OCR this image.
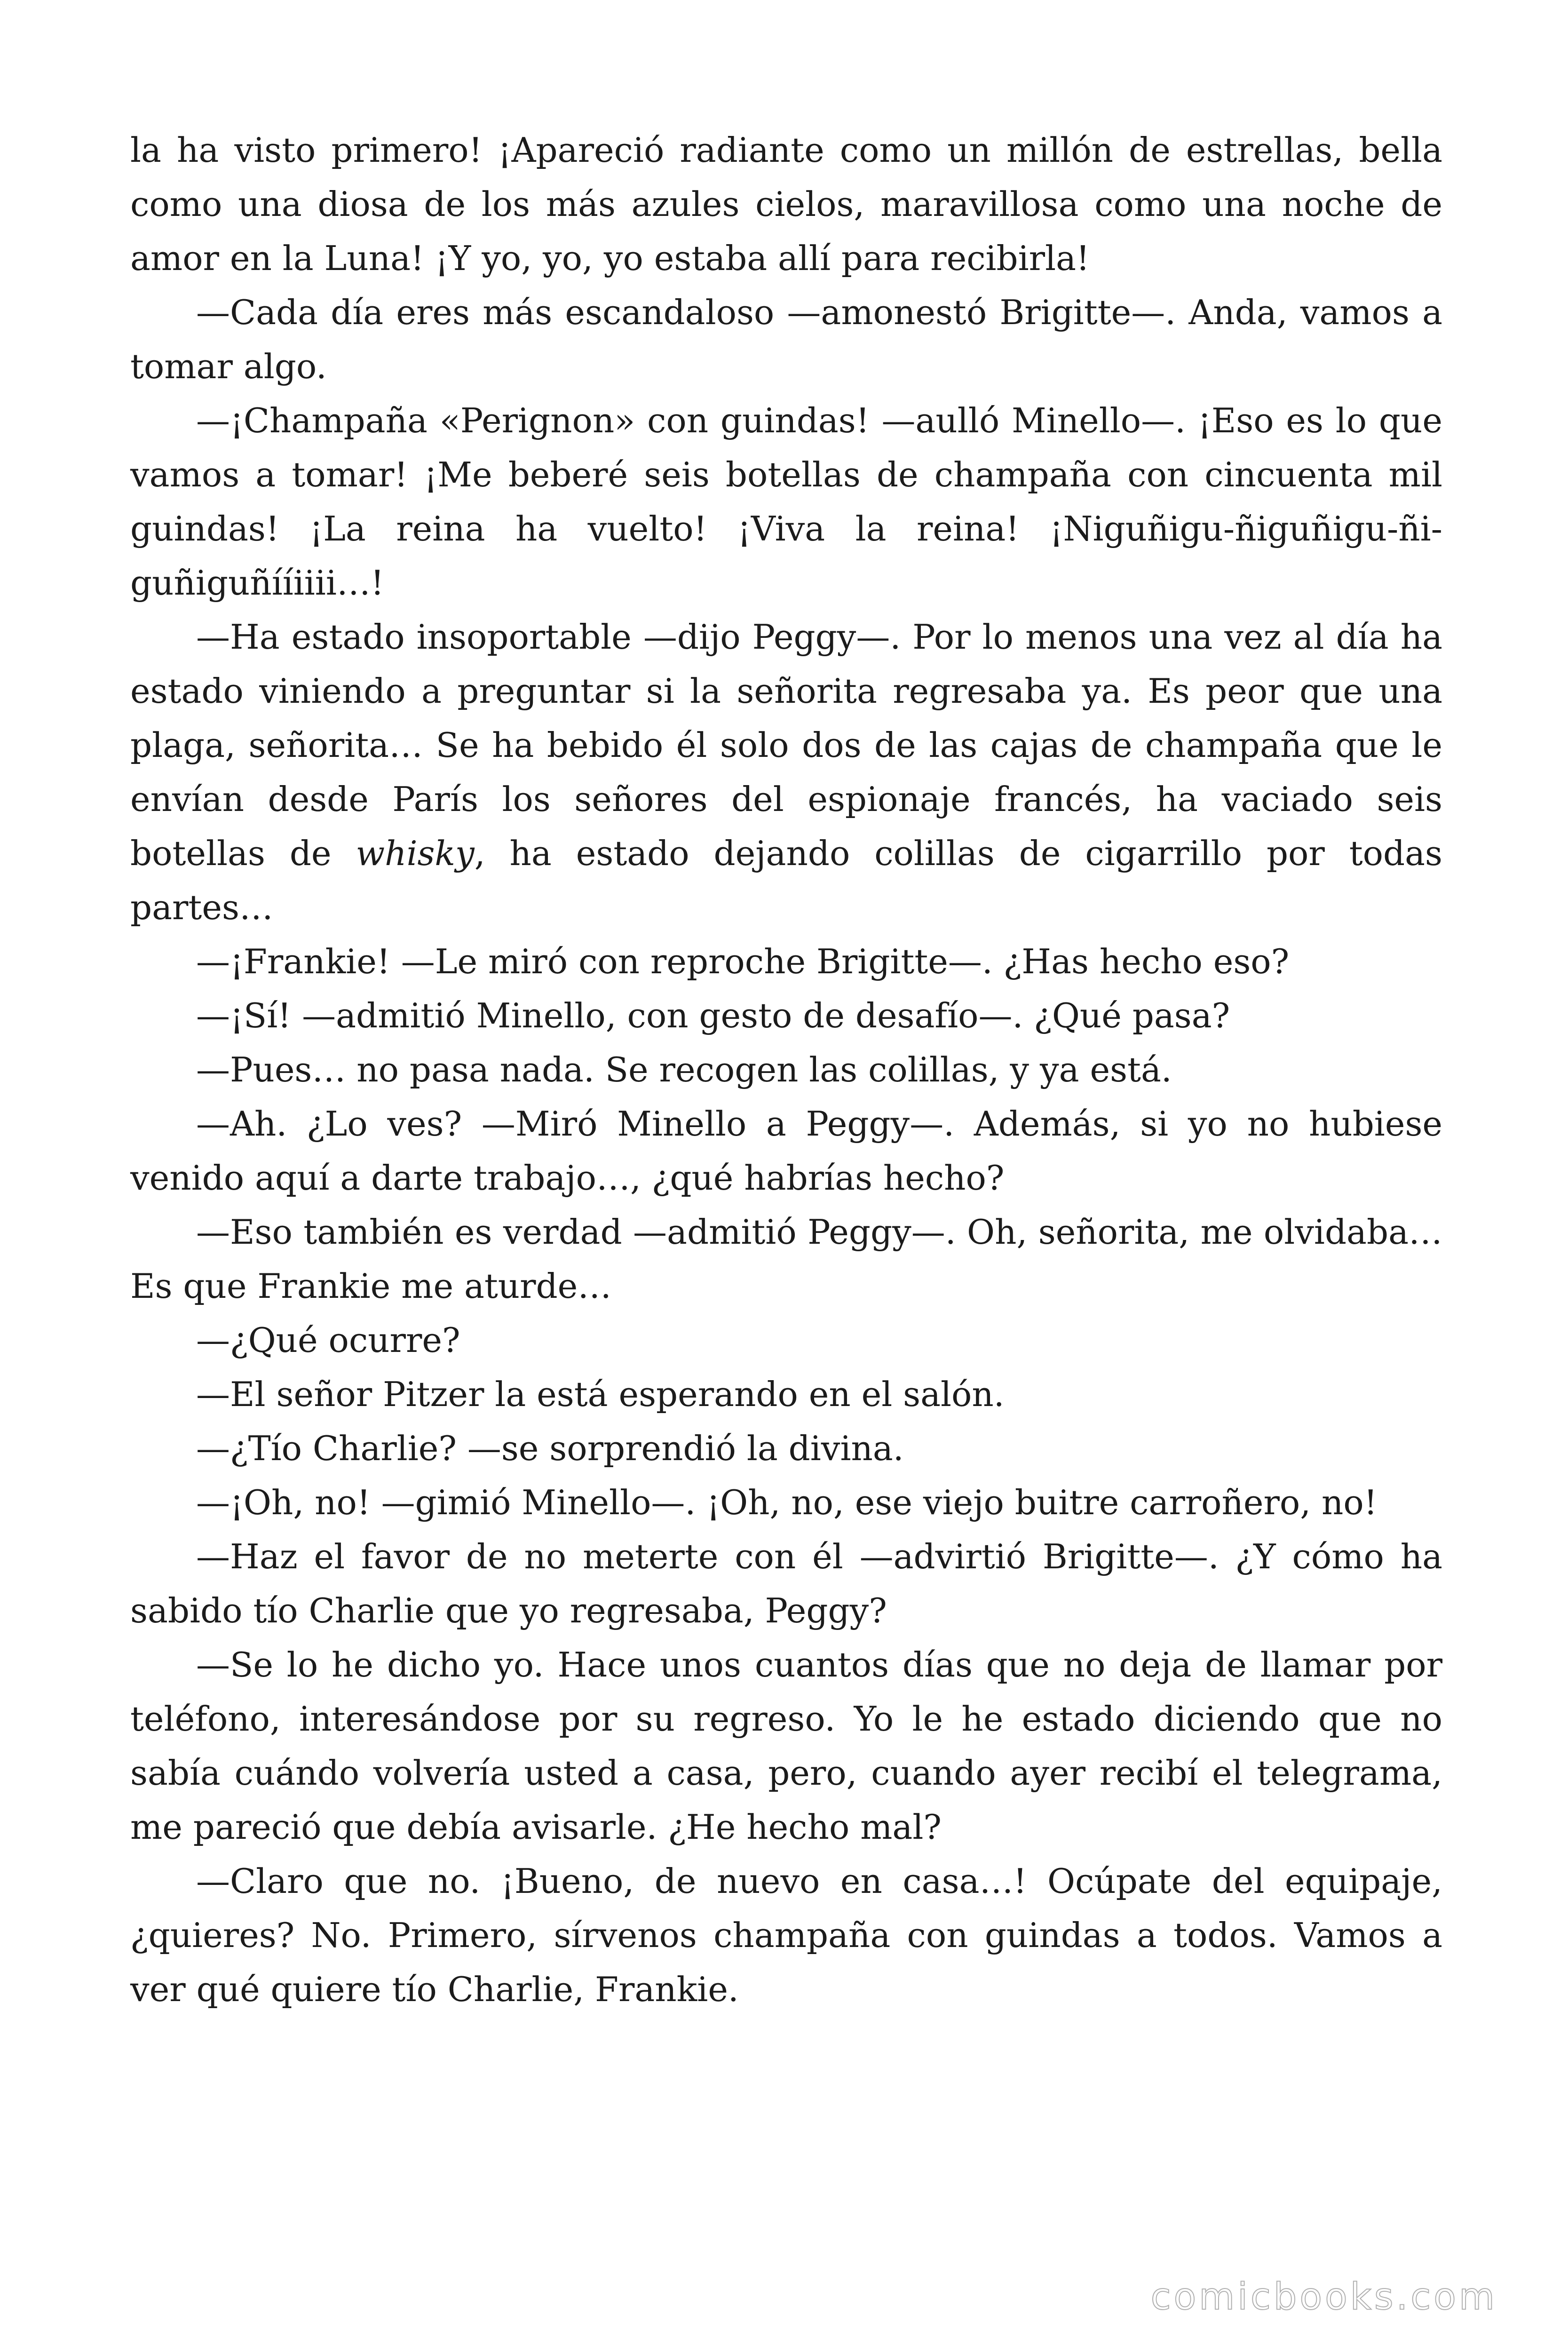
la ha visto primero! ¡Apareció radiante como un millón de estrellas, bella como una diosa de los más azules cielos, maravillosa como una noche de amor en la Luna! ¡Y yo, yo, yo estaba allí para recibirla!

—Cada día eres más escandaloso —amonestó Brigitte—. Anda, vamos a tomar algo.

—¡Champaña «Perignon» con guindas! —aulló Minello—. ¡Eso es lo que vamos a tomar! ¡Me beberé seis botellas de champaña con cincuenta mil guindas! ¡La reina ha vuelto! ¡Viva la reina! ¡Niguñigu-ñiguñigu-ñi-guñiguñííiiii…!

—Ha estado insoportable —dijo Peggy—. Por lo menos una vez al día ha estado viniendo a preguntar si la señorita regresaba ya. Es peor que una plaga, señorita… Se ha bebido él solo dos de las cajas de champaña que le envían desde París los señores del espionaje francés, ha vaciado seis botellas de whisky, ha estado dejando colillas de cigarrillo por todas partes…

—¡Frankie! —Le miró con reproche Brigitte—. ¿Has hecho eso?

—¡Sí! —admitió Minello, con gesto de desafío—. ¿Qué pasa?

—Pues… no pasa nada. Se recogen las colillas, y ya está.

—Ah. ¿Lo ves? —Miró Minello a Peggy—. Además, si yo no hubiese venido aquí a darte trabajo…, ¿qué habrías hecho?

—Eso también es verdad —admitió Peggy—. Oh, señorita, me olvidaba… Es que Frankie me aturde…

—¿Qué ocurre?

—El señor Pitzer la está esperando en el salón.

—¿Tío Charlie? —se sorprendió la divina.

—¡Oh, no! —gimió Minello—. ¡Oh, no, ese viejo buitre carroñero, no!

—Haz el favor de no meterte con él —advirtió Brigitte—. ¿Y cómo ha sabido tío Charlie que yo regresaba, Peggy?

—Se lo he dicho yo. Hace unos cuantos días que no deja de llamar por teléfono, interesándose por su regreso. Yo le he estado diciendo que no sabía cuándo volvería usted a casa, pero, cuando ayer recibí el telegrama, me pareció que debía avisarle. ¿He hecho mal?

—Claro que no. ¡Bueno, de nuevo en casa…! Ocúpate del equipaje, ¿quieres? No. Primero, sírvenos champaña con guindas a todos. Vamos a ver qué quiere tío Charlie, Frankie.

comicbooks.com
